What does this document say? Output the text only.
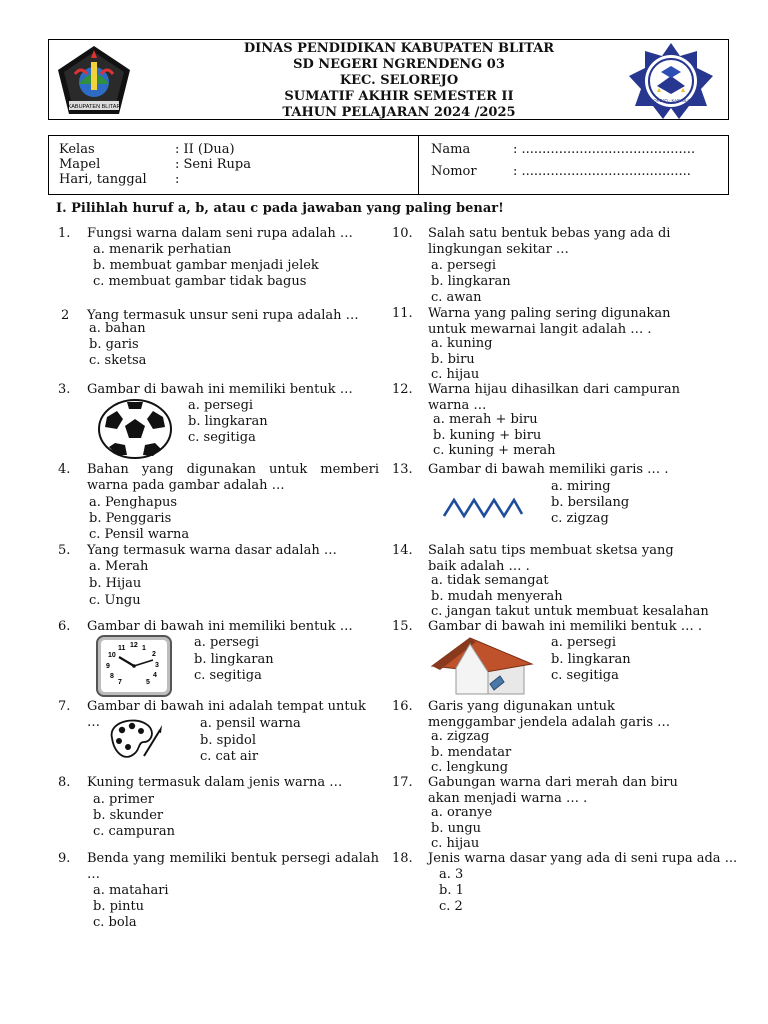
KABUPATEN BLITAR
DINAS PENDIDIKAN KABUPATEN BLITAR
SD NEGERI NGRENDENG 03
KEC. SELOREJO
SUMATIF AKHIR SEMESTER II
TAHUN PELAJARAN 2024 /2025
SELOREJO - KAB. BLITAR
Kelas	: II (Dua)
Mapel	: Seni Rupa
Hari, tanggal :
Nama	: ..........................................
Nomor	: .........................................
I. Pilihlah huruf a, b, atau c pada jawaban yang paling benar!
1. Fungsi warna dalam seni rupa adalah …
a. menarik perhatian
b. membuat gambar menjadi jelek
c. membuat gambar tidak bagus
2 Yang termasuk unsur seni rupa adalah …
a. bahan
b. garis
c. sketsa
3. Gambar di bawah ini memiliki bentuk …
a. persegi
b. lingkaran
c. segitiga
4. Bahan yang digunakan untuk memberi warna pada gambar adalah …
a. Penghapus
b. Penggaris
c. Pensil warna
5. Yang termasuk warna dasar adalah …
a. Merah
b. Hijau
c. Ungu
6. Gambar di bawah ini memiliki bentuk …
12 1
2
3
4
5
7
8
9
10
11	a. persegi
b. lingkaran
c. segitiga
7. Gambar di bawah ini adalah tempat untuk …	a. pensil warna
b. spidol
c. cat air
8. Kuning termasuk dalam jenis warna …
a. primer
b. skunder
c. campuran
9. Benda yang memiliki bentuk persegi adalah …
a. matahari
b. pintu
c. bola
10. Salah satu bentuk bebas yang ada di lingkungan sekitar …
a. persegi
b. lingkaran
c. awan
11. Warna yang paling sering digunakan untuk mewarnai langit adalah … .
a. kuning
b. biru
c. hijau
12. Warna hijau dihasilkan dari campuran warna …
a. merah + biru
b. kuning + biru
c. kuning + merah
13. Gambar di bawah memiliki garis … .
a. miring
b. bersilang
c. zigzag
14. Salah satu tips membuat sketsa yang baik adalah … .
a. tidak semangat
b. mudah menyerah
c. jangan takut untuk membuat kesalahan
15. Gambar di bawah ini memiliki bentuk … .
a. persegi
b. lingkaran
c. segitiga
16. Garis yang digunakan untuk menggambar jendela adalah garis …
a. zigzag
b. mendatar
c. lengkung
17. Gabungan warna dari merah dan biru akan menjadi warna … .
a. oranye
b. ungu
c. hijau
18. Jenis warna dasar yang ada di seni rupa ada ...
a. 3
b. 1
c. 2
